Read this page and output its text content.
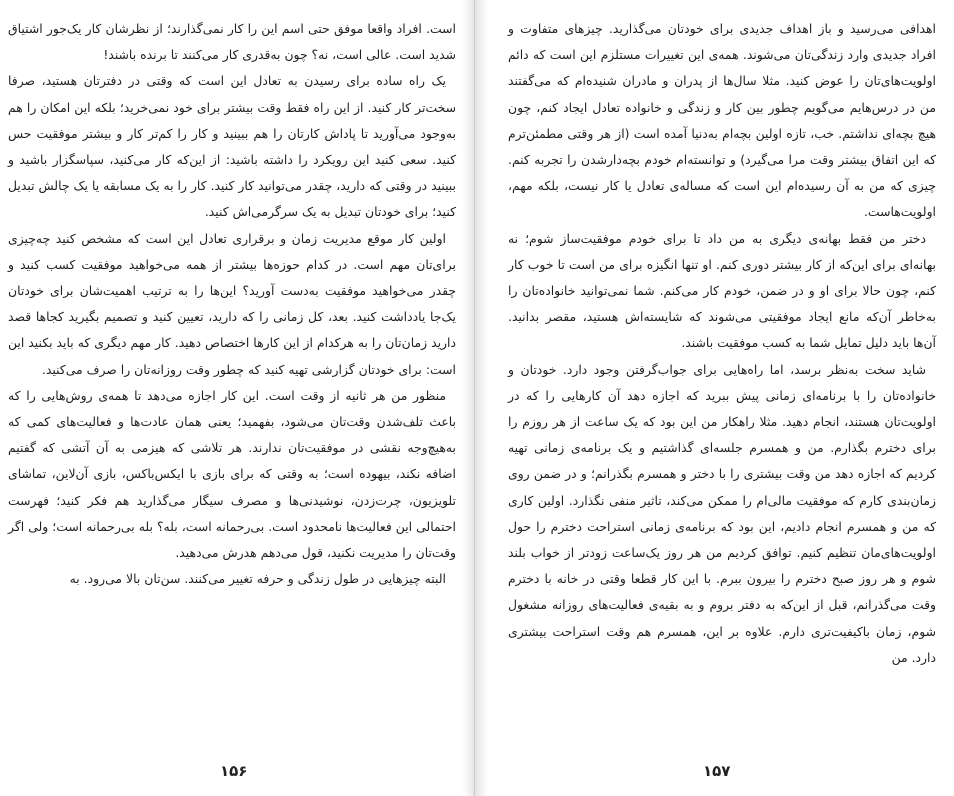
است. افراد واقعا موفق حتی اسم این را کار نمی‌گذارند؛ از نظرشان کار یک‌جور اشتیاق شدید است. عالی است، نه؟ چون به‌قدری کار می‌کنند تا برنده باشند!

یک راه ساده برای رسیدن به تعادل این است که وقتی در دفترتان هستید، صرفا سخت‌تر کار کنید. از این راه فقط وقت بیشتر برای خود نمی‌خرید؛ بلکه این امکان را هم به‌وجود می‌آورید تا پاداش کارتان را هم ببینید و کار را کم‌تر کار و بیشتر موفقیت حس کنید. سعی کنید این رویکرد را داشته باشید: از این‌که کار می‌کنید، سپاسگزار باشید و ببینید در وقتی که دارید، چقدر می‌توانید کار کنید. کار را به یک مسابقه یا یک چالش تبدیل کنید؛ برای خودتان تبدیل به یک سرگرمی‌اش کنید.

اولین کار موقع مدیریت زمان و برقراری تعادل این است که مشخص کنید چه‌چیزی برای‌تان مهم است. در کدام حوزه‌ها بیشتر از همه می‌خواهید موفقیت کسب کنید و چقدر می‌خواهید موفقیت به‌دست آورید؟ این‌ها را به ترتیب اهمیت‌شان برای خودتان یک‌جا یادداشت کنید. بعد، کل زمانی را که دارید، تعیین کنید و تصمیم بگیرید کجاها قصد دارید زمان‌تان را به هرکدام از این کارها اختصاص دهید. کار مهم دیگری که باید بکنید این است: برای خودتان گزارشی تهیه کنید که چطور وقت روزانه‌تان را صرف می‌کنید.

منظور من هر ثانیه از وقت است. این کار اجازه می‌دهد تا همه‌ی روش‌هایی را که باعث تلف‌شدن وقت‌تان می‌شود، بفهمید؛ یعنی همان عادت‌ها و فعالیت‌های کمی که به‌هیچ‌وجه نقشی در موفقیت‌تان ندارند. هر تلاشی که هیزمی به آن آتشی که گفتیم اضافه نکند، بیهوده است؛ به وقتی که برای بازی با ایکس‌باکس، بازی آن‌لاین، تماشای تلویزیون، چرت‌زدن، نوشیدنی‌ها و مصرف سیگار می‌گذارید هم فکر کنید؛ فهرست احتمالی این فعالیت‌ها نامحدود است. بی‌رحمانه است، بله؟ بله بی‌رحمانه است؛ ولی اگر وقت‌تان را مدیریت نکنید، قول می‌دهم هدرش می‌دهید.

البته چیزهایی در طول زندگی و حرفه تغییر می‌کنند. سن‌تان بالا می‌رود. به

۱۵۶

اهدافی می‌رسید و باز اهداف جدیدی برای خودتان می‌گذارید. چیزهای متفاوت و افراد جدیدی وارد زندگی‌تان می‌شوند. همه‌ی این تغییرات مستلزم این است که دائم اولویت‌های‌تان را عوض کنید. مثلا سال‌ها از پدران و مادران شنیده‌ام که می‌گفتند من در درس‌هایم می‌گویم چطور بین کار و زندگی و خانواده تعادل ایجاد کنم، چون هیچ بچه‌ای نداشتم. خب، تازه اولین بچه‌ام به‌دنیا آمده است (از هر وقتی مطمئن‌ترم که این اتفاق بیشتر وقت مرا می‌گیرد) و توانسته‌ام خودم بچه‌دارشدن را تجربه کنم. چیزی که من به آن رسیده‌ام این است که مساله‌ی تعادل یا کار نیست، بلکه مهم، اولویت‌هاست.

دختر من فقط بهانه‌ی دیگری به من داد تا برای خودم موفقیت‌ساز شوم؛ نه بهانه‌ای برای این‌که از کار بیشتر دوری کنم. او تنها انگیزه برای من است تا خوب کار کنم، چون حالا برای او و در ضمن، خودم کار می‌کنم. شما نمی‌توانید خانواده‌تان را به‌خاطر آن‌که مانع ایجاد موفقیتی می‌شوند که شایسته‌اش هستید، مقصر بدانید. آن‌ها باید دلیل تمایل شما به کسب موفقیت باشند.

شاید سخت به‌نظر برسد، اما راه‌هایی برای جواب‌گرفتن وجود دارد. خودتان و خانواده‌تان را با برنامه‌ای زمانی پیش ببرید که اجازه دهد آن کارهایی را که در اولویت‌تان هستند، انجام دهید. مثلا راهکار من این بود که یک ساعت از هر روزم را برای دخترم بگذارم. من و همسرم جلسه‌ای گذاشتیم و یک برنامه‌ی زمانی تهیه کردیم که اجازه دهد من وقت بیشتری را با دختر و همسرم بگذرانم؛ و در ضمن روی زمان‌بندی کارم که موفقیت مالی‌ام را ممکن می‌کند، تاثیر منفی نگذارد. اولین کاری که من و همسرم انجام دادیم، این بود که برنامه‌ی زمانی استراحت دخترم را حول اولویت‌های‌مان تنظیم کنیم. توافق کردیم من هر روز یک‌ساعت زودتر از خواب بلند شوم و هر روز صبح دخترم را بیرون ببرم. با این کار قطعا وقتی در خانه با دخترم وقت می‌گذرانم، قبل از این‌که به دفتر بروم و به بقیه‌ی فعالیت‌های روزانه مشغول شوم، زمان باکیفیت‌تری دارم. علاوه بر این، همسرم هم وقت استراحت بیشتری دارد. من

۱۵۷
